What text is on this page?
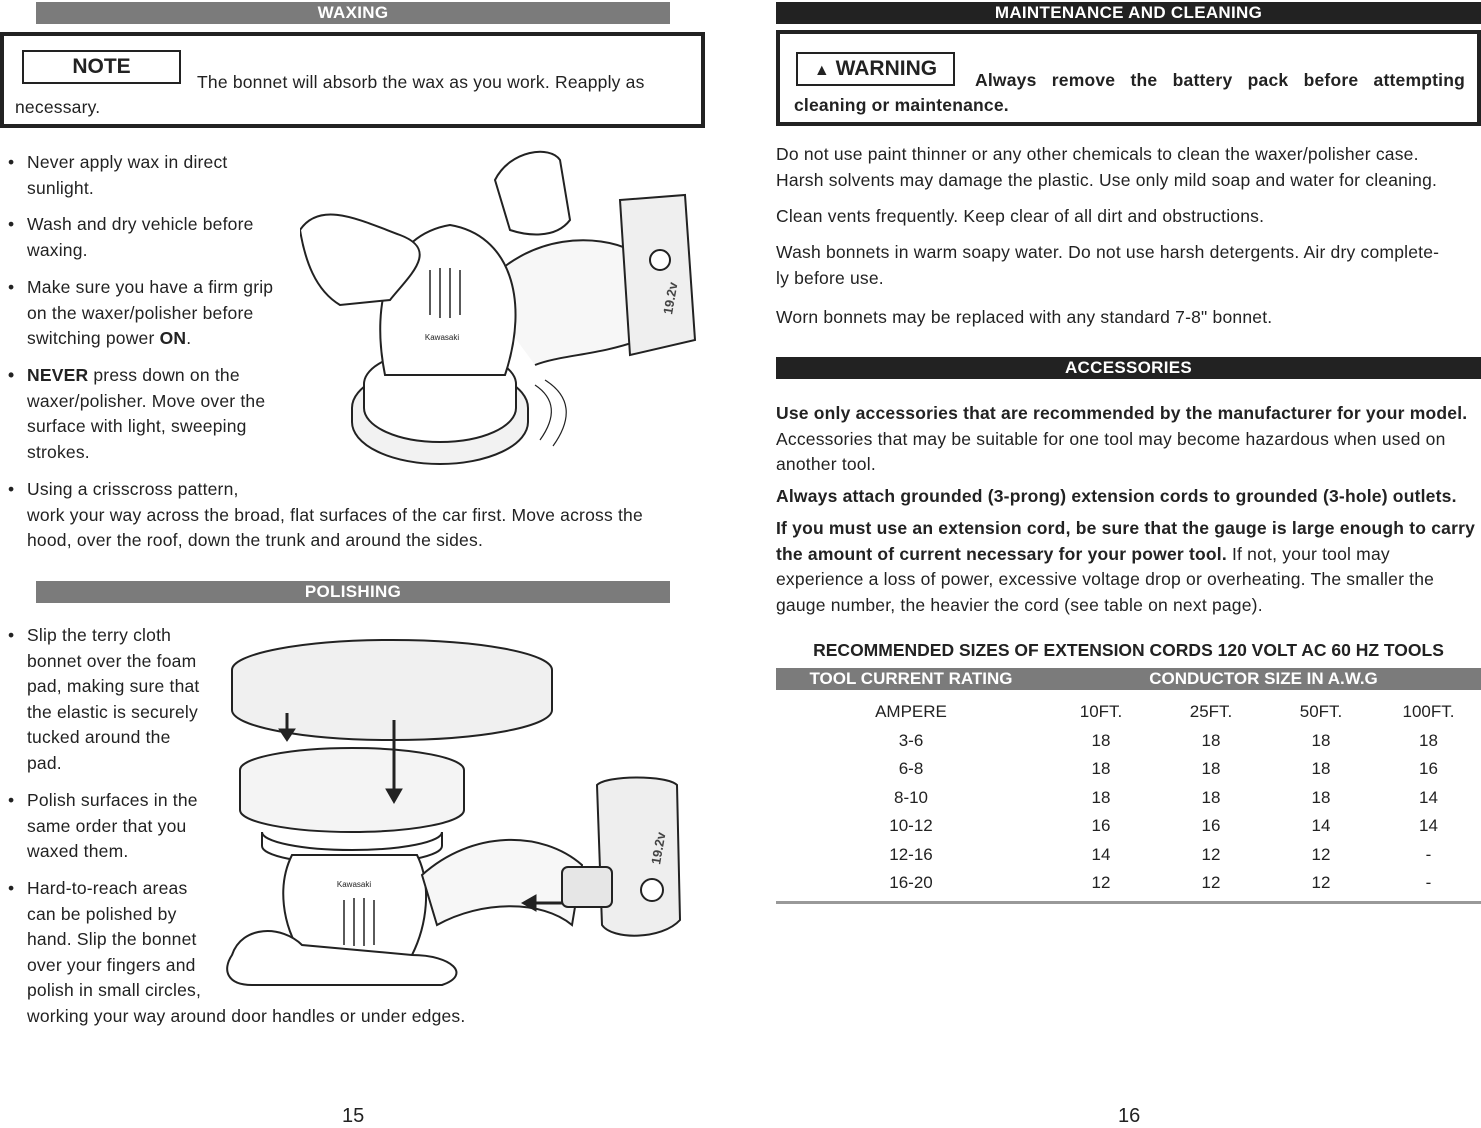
WAXING
NOTE
The bonnet will absorb the wax as you work. Reapply as
necessary.
• Never apply wax in direct
sunlight.
• Wash and dry vehicle before
waxing.
• Make sure you have a firm grip
on the waxer/polisher before
switching power ON.
• NEVER press down on the
waxer/polisher. Move over the
surface with light, sweeping
strokes.
• Using a crisscross pattern,
work your way across the broad, flat surfaces of the car first. Move across the
hood, over the roof, down the trunk and around the sides.
Kawasaki
19.2v
POLISHING
• Slip the terry cloth
bonnet over the foam
pad, making sure that
the elastic is securely
tucked around the
pad.
• Polish surfaces in the
same order that you
waxed them.
• Hard-to-reach areas
can be polished by
hand. Slip the bonnet
over your fingers and
polish in small circles,
working your way around door handles or under edges.
Kawasaki
19.2v
15
MAINTENANCE AND CLEANING
▲ WARNING	Always remove the battery pack before attempting
cleaning or maintenance.
Do not use paint thinner or any other chemicals to clean the waxer/polisher case.
Harsh solvents may damage the plastic. Use only mild soap and water for cleaning.
Clean vents frequently. Keep clear of all dirt and obstructions.
Wash bonnets in warm soapy water. Do not use harsh detergents. Air dry complete-
ly before use.
Worn bonnets may be replaced with any standard 7-8" bonnet.
ACCESSORIES
Use only accessories that are recommended by the manufacturer for your model.
Accessories that may be suitable for one tool may become hazardous when used on
another tool.
Always attach grounded (3-prong) extension cords to grounded (3-hole) outlets.
If you must use an extension cord, be sure that the gauge is large enough to carry
the amount of current necessary for your power tool. If not, your tool may
experience a loss of power, excessive voltage drop or overheating. The smaller the
gauge number, the heavier the cord (see table on next page).
RECOMMENDED SIZES OF EXTENSION CORDS 120 VOLT AC 60 HZ TOOLS
TOOL CURRENT RATING	CONDUCTOR SIZE IN A.W.G
AMPERE	10FT.	25FT.	50FT.	100FT.
3-6	18	18	18	18
6-8	18	18	18	16
8-10	18	18	18	14
10-12	16	16	14	14
12-16	14	12	12	-
16-20	12	12	12	-
16
